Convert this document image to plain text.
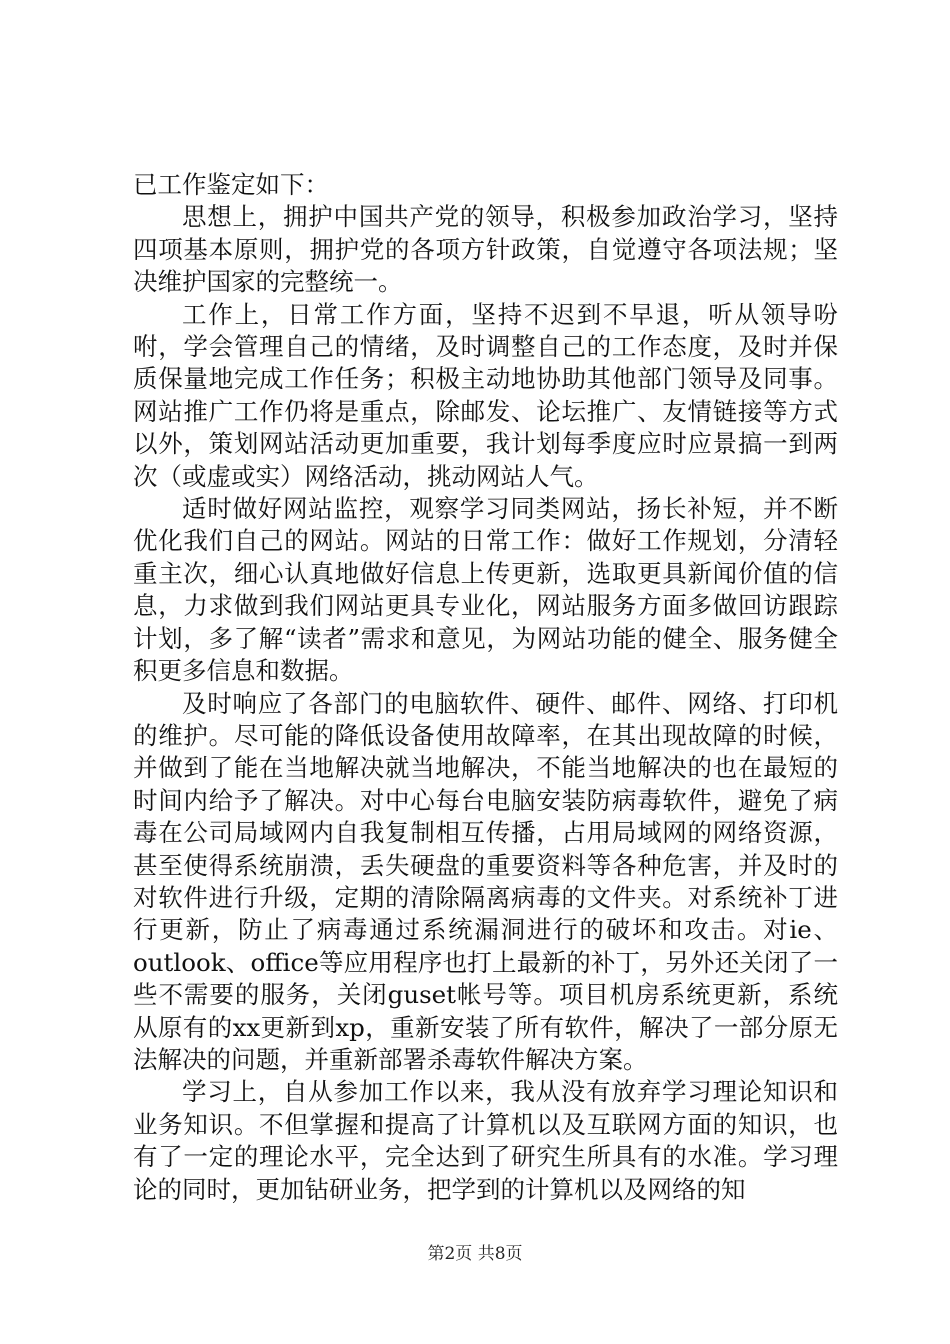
已工作鉴定如下：

思想上，拥护中国共产党的领导，积极参加政治学习，坚持四项基本原则，拥护党的各项方针政策，自觉遵守各项法规；坚决维护国家的完整统一。

工作上，日常工作方面，坚持不迟到不早退，听从领导吩咐，学会管理自己的情绪，及时调整自己的工作态度，及时并保质保量地完成工作任务；积极主动地协助其他部门领导及同事。网站推广工作仍将是重点，除邮发、论坛推广、友情链接等方式以外，策划网站活动更加重要，我计划每季度应时应景搞一到两次（或虚或实）网络活动，挑动网站人气。

适时做好网站监控，观察学习同类网站，扬长补短，并不断优化我们自己的网站。网站的日常工作：做好工作规划，分清轻重主次，细心认真地做好信息上传更新，选取更具新闻价值的信息，力求做到我们网站更具专业化，网站服务方面多做回访跟踪计划，多了解“读者”需求和意见，为网站功能的健全、服务健全积更多信息和数据。

及时响应了各部门的电脑软件、硬件、邮件、网络、打印机的维护。尽可能的降低设备使用故障率，在其出现故障的时候，并做到了能在当地解决就当地解决，不能当地解决的也在最短的时间内给予了解决。对中心每台电脑安装防病毒软件，避免了病毒在公司局域网内自我复制相互传播，占用局域网的网络资源，甚至使得系统崩溃，丢失硬盘的重要资料等各种危害，并及时的对软件进行升级，定期的清除隔离病毒的文件夹。对系统补丁进行更新，防止了病毒通过系统漏洞进行的破坏和攻击。对ie、outlook、office等应用程序也打上最新的补丁，另外还关闭了一些不需要的服务，关闭guset帐号等。项目机房系统更新，系统从原有的xx更新到xp，重新安装了所有软件，解决了一部分原无法解决的问题，并重新部署杀毒软件解决方案。

学习上，自从参加工作以来，我从没有放弃学习理论知识和业务知识。不但掌握和提高了计算机以及互联网方面的知识，也有了一定的理论水平，完全达到了研究生所具有的水准。学习理论的同时，更加钻研业务，把学到的计算机以及网络的知

第2页 共8页
